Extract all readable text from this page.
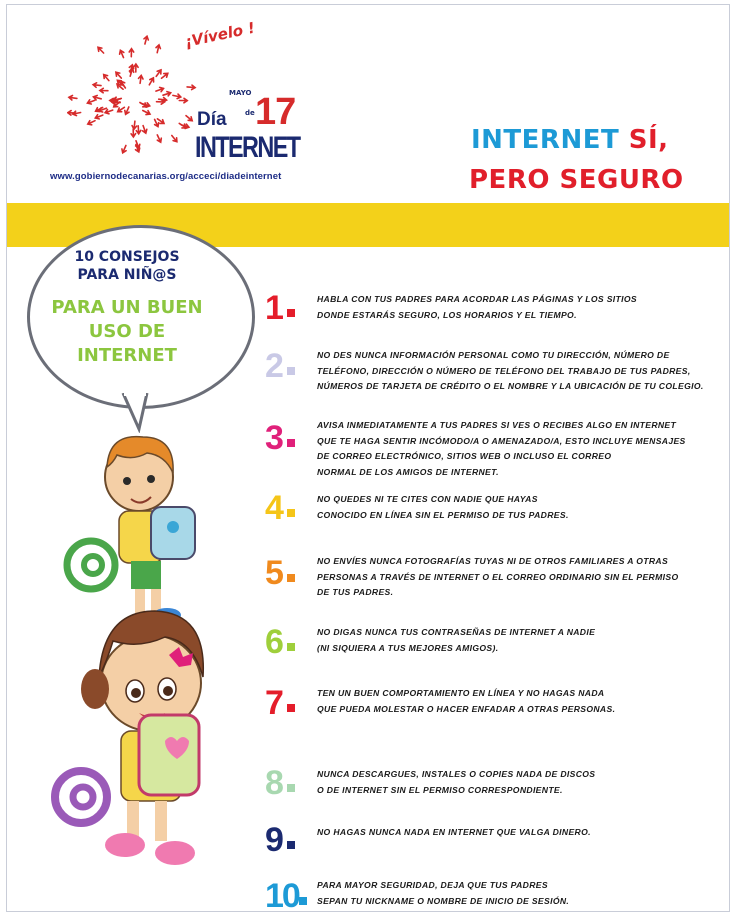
¡Vívelo !
MAYO
Día	de 17
INTERNET
www.gobiernodecanarias.org/acceci/diadeinternet
INTERNET SÍ,
PERO SEGURO
10 CONSEJOS
PARA NIÑ@S
PARA UN BUEN
USO DE
INTERNET
1	HABLA CON TUS PADRES PARA ACORDAR LAS PÁGINAS Y LOS SITIOS
DONDE ESTARÁS SEGURO, LOS HORARIOS Y EL TIEMPO.
2	NO DES NUNCA INFORMACIÓN PERSONAL COMO TU DIRECCIÓN, NÚMERO DE
TELÉFONO, DIRECCIÓN O NÚMERO DE TELÉFONO DEL TRABAJO DE TUS PADRES,
NÚMEROS DE TARJETA DE CRÉDITO O EL NOMBRE Y LA UBICACIÓN DE TU COLEGIO.
3	AVISA INMEDIATAMENTE A TUS PADRES SI VES O RECIBES ALGO EN INTERNET
QUE TE HAGA SENTIR INCÓMODO/A O AMENAZADO/A, ESTO INCLUYE MENSAJES
DE CORREO ELECTRÓNICO, SITIOS WEB O INCLUSO EL CORREO
NORMAL DE LOS AMIGOS DE INTERNET.
4	NO QUEDES NI TE CITES CON NADIE QUE HAYAS
CONOCIDO EN LÍNEA SIN EL PERMISO DE TUS PADRES.
5	NO ENVÍES NUNCA FOTOGRAFÍAS TUYAS NI DE OTROS FAMILIARES A OTRAS
PERSONAS A TRAVÉS DE INTERNET O EL CORREO ORDINARIO SIN EL PERMISO
DE TUS PADRES.
6	NO DIGAS NUNCA TUS CONTRASEÑAS DE INTERNET A NADIE
(NI SIQUIERA A TUS MEJORES AMIGOS).
7	TEN UN BUEN COMPORTAMIENTO EN LÍNEA Y NO HAGAS NADA
QUE PUEDA MOLESTAR O HACER ENFADAR A OTRAS PERSONAS.
8	NUNCA DESCARGUES, INSTALES O COPIES NADA DE DISCOS
O DE INTERNET SIN EL PERMISO CORRESPONDIENTE.
9	NO HAGAS NUNCA NADA EN INTERNET QUE VALGA DINERO.
10 PARA MAYOR SEGURIDAD, DEJA QUE TUS PADRES
SEPAN TU NICKNAME O NOMBRE DE INICIO DE SESIÓN.
